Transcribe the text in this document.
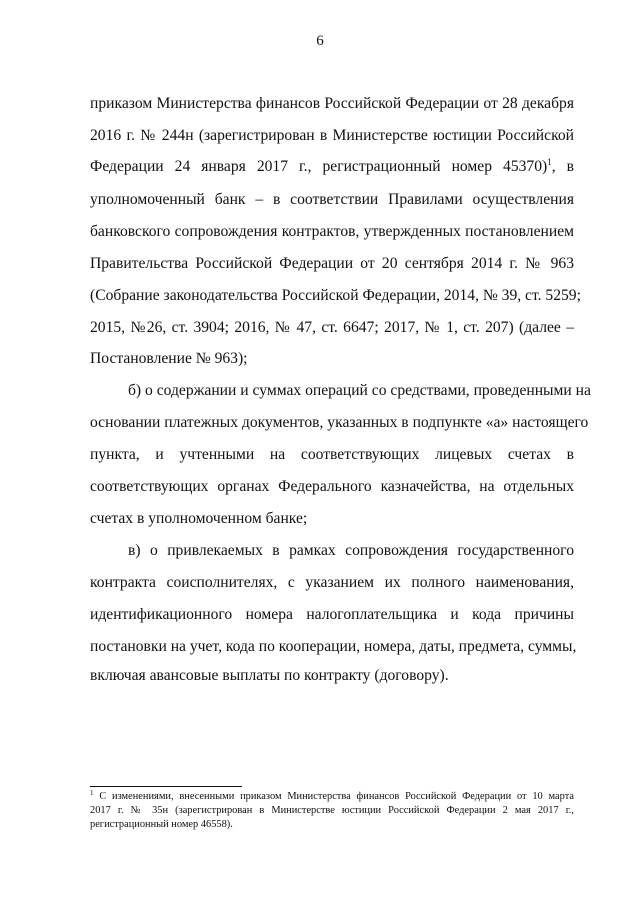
6
приказом Министерства финансов Российской Федерации от 28 декабря
2016 г. № 244н (зарегистрирован в Министерстве юстиции Российской
Федерации 24 января 2017 г., регистрационный номер 45370)$^1$, в
уполномоченный банк – в соответствии Правилами осуществления
банковского сопровождения контрактов, утвержденных постановлением
Правительства Российской Федерации от 20 сентября 2014 г. № 963
(Собрание законодательства Российской Федерации, 2014, № 39, ст. 5259;
2015, №26, ст. 3904; 2016, № 47, ст. 6647; 2017, № 1, ст. 207) (далее –
Постановление № 963);
б) о содержании и суммах операций со средствами, проведенными на
основании платежных документов, указанных в подпункте «а» настоящего
пункта, и учтенными на соответствующих лицевых счетах в
соответствующих органах Федерального казначейства, на отдельных
счетах в уполномоченном банке;
в) о привлекаемых в рамках сопровождения государственного
контракта соисполнителях, с указанием их полного наименования,
идентификационного номера налогоплательщика и кода причины
постановки на учет, кода по кооперации, номера, даты, предмета, суммы,
включая авансовые выплаты по контракту (договору).
$^1$ С изменениями, внесенными приказом Министерства финансов Российской Федерации от 10 марта
2017 г. № 35н (зарегистрирован в Министерстве юстиции Российской Федерации 2 мая 2017 г.,
регистрационный номер 46558).
